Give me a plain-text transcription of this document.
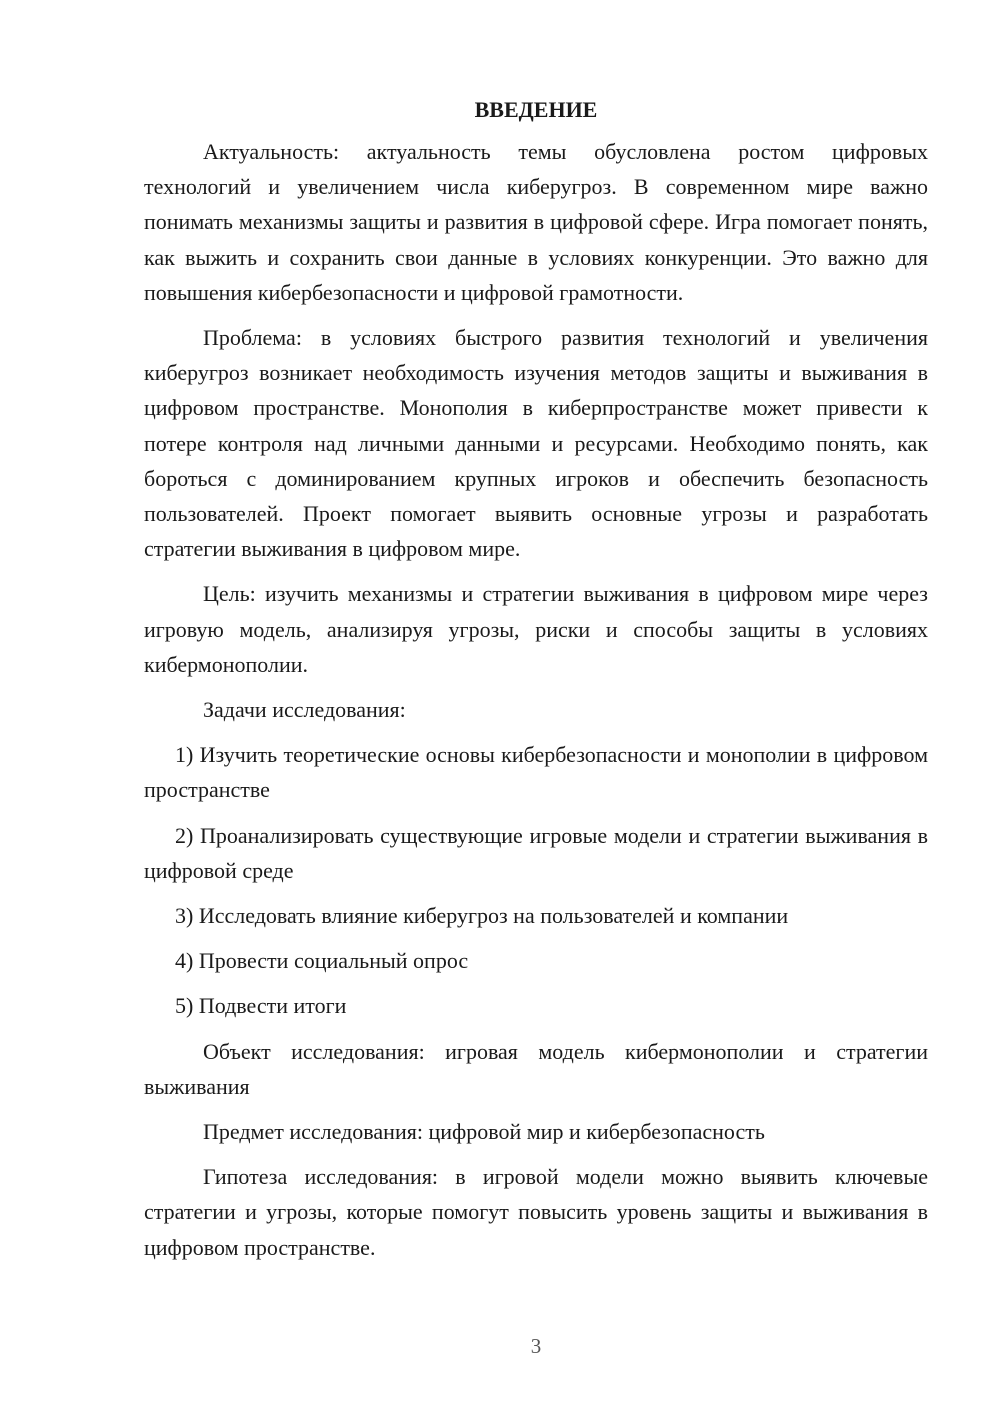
ВВЕДЕНИЕ

Актуальность: актуальность темы обусловлена ростом цифровых технологий и увеличением числа киберугроз. В современном мире важно понимать механизмы защиты и развития в цифровой сфере. Игра помогает понять, как выжить и сохранить свои данные в условиях конкуренции. Это важно для повышения кибербезопасности и цифровой грамотности.

Проблема: в условиях быстрого развития технологий и увеличения киберугроз возникает необходимость изучения методов защиты и выживания в цифровом пространстве. Монополия в киберпространстве может привести к потере контроля над личными данными и ресурсами. Необходимо понять, как бороться с доминированием крупных игроков и обеспечить безопасность пользователей. Проект помогает выявить основные угрозы и разработать стратегии выживания в цифровом мире.

Цель: изучить механизмы и стратегии выживания в цифровом мире через игровую модель, анализируя угрозы, риски и способы защиты в условиях кибермонополии.

Задачи исследования:

1) Изучить теоретические основы кибербезопасности и монополии в цифровом пространстве

2) Проанализировать существующие игровые модели и стратегии выживания в цифровой среде

3) Исследовать влияние киберугроз на пользователей и компании

4) Провести социальный опрос

5) Подвести итоги

Объект исследования: игровая модель кибермонополии и стратегии выживания

Предмет исследования: цифровой мир и кибербезопасность

Гипотеза исследования: в игровой модели можно выявить ключевые стратегии и угрозы, которые помогут повысить уровень защиты и выживания в цифровом пространстве.

3
